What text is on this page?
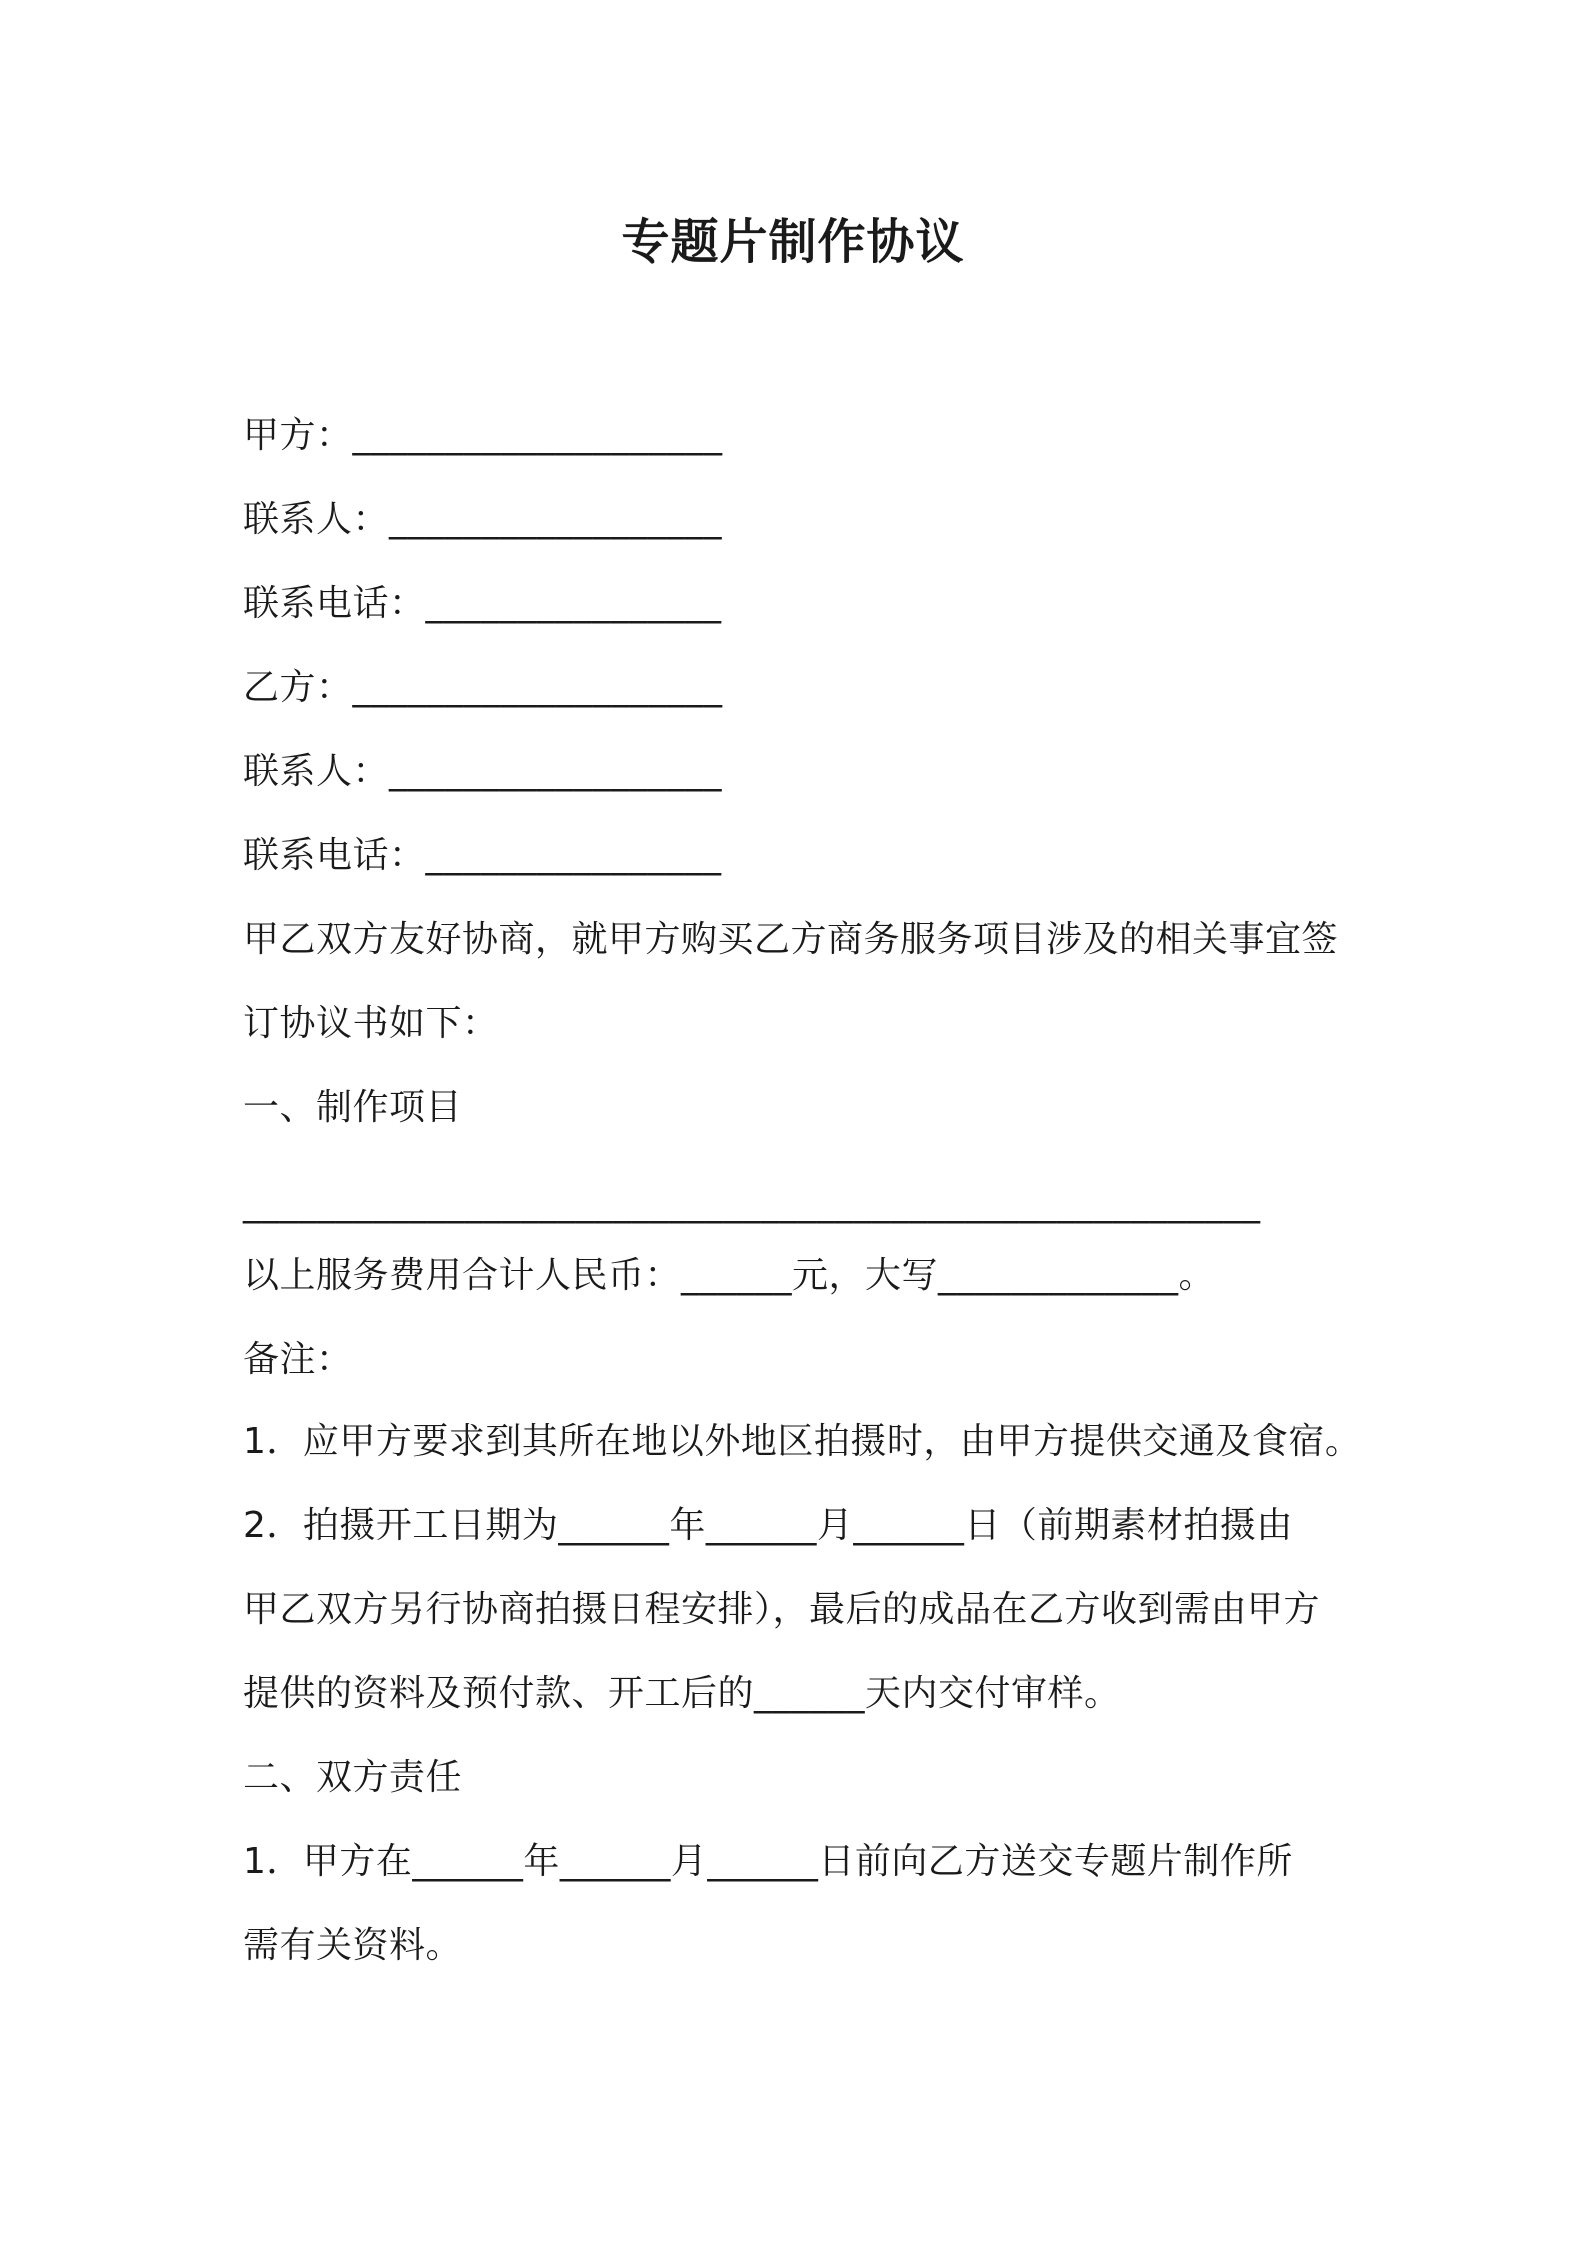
专题片制作协议
甲方：____________________
联系人：__________________
联系电话：________________
乙方：____________________
联系人：__________________
联系电话：________________
甲乙双方友好协商，就甲方购买乙方商务服务项目涉及的相关事宜签
订协议书如下：
一、制作项目
_______________________________________________________
以上服务费用合计人民币：______元，大写_____________。
备注：
1．应甲方要求到其所在地以外地区拍摄时，由甲方提供交通及食宿。
2．拍摄开工日期为______年______月______日（前期素材拍摄由
甲乙双方另行协商拍摄日程安排），最后的成品在乙方收到需由甲方
提供的资料及预付款、开工后的______天内交付审样。
二、双方责任
1．甲方在______年______月______日前向乙方送交专题片制作所
需有关资料。
